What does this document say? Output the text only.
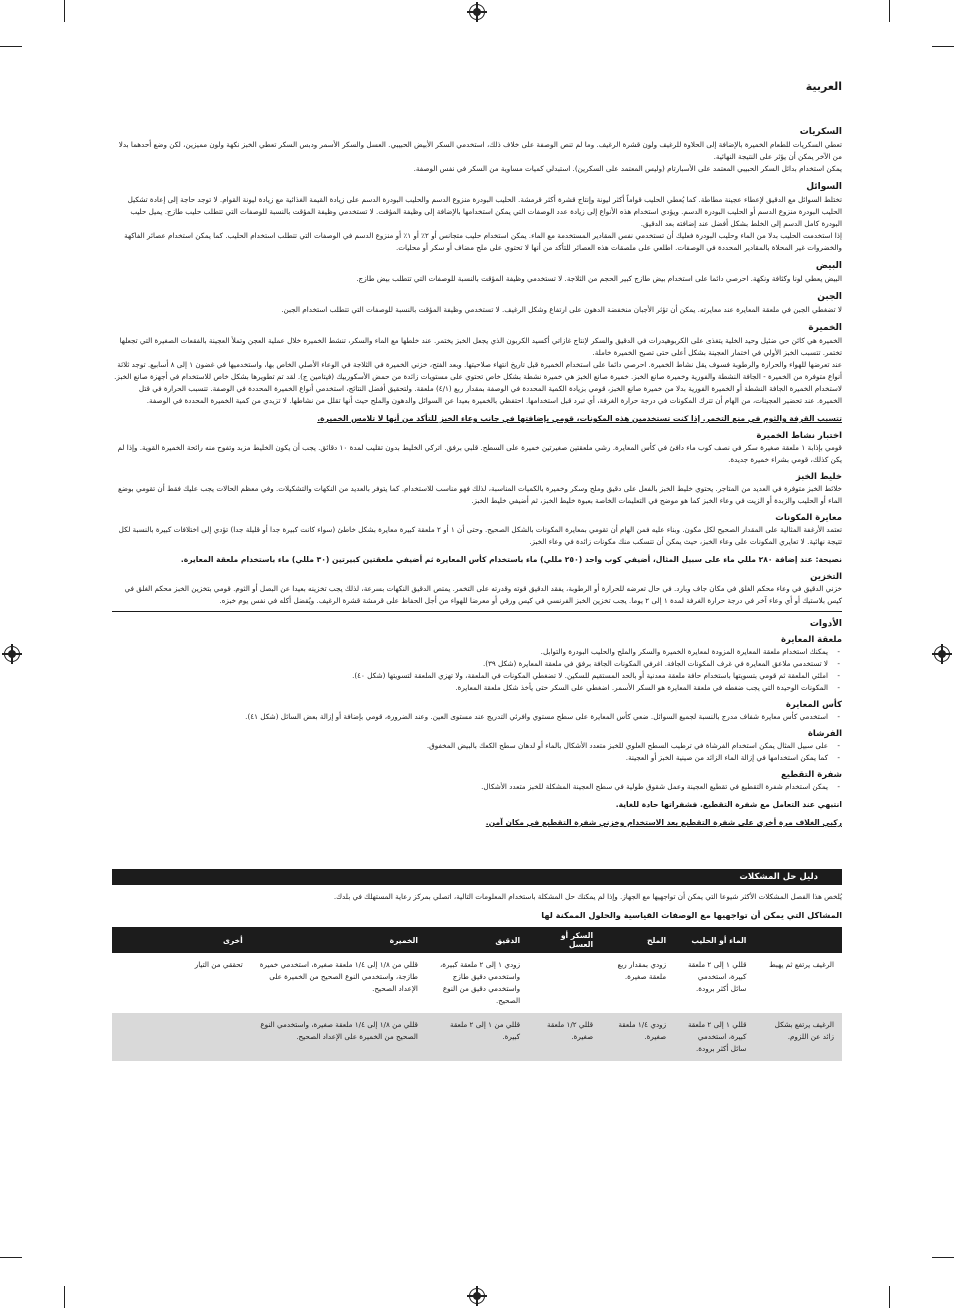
العربية
السكريات

تعطي السكريات للطعام الخميرة بالإضافة إلى الحلاوة للرغيف ولون قشرة الرغيف. وما لم تنص الوصفة على خلاف ذلك، استخدمي السكر الأبيض الحبيبي. العسل والسكر الأسمر ودبس السكر تعطي الخبز نكهة ولون مميزين، لكن وضع أحدهما بدلا من الآخر يمكن أن يؤثر على النتيجة النهائية.

يمكن استخدام بدائل السكر الحبيبي المعتمد على الأسبارتام (وليس المعتمد على السكرين). استبدلي كميات مساوية من السكر في نفس الوصفة.

السوائل

تختلط السوائل مع الدقيق لإعطاء عجينة مطاطة. كما يُعطي الحليب قواماً أكثر ليونة وإنتاج قشرة أكثر قرمشة. الحليب البودرة منزوع الدسم والحليب البودرة الدسم على زيادة القيمة الغذائية مع زيادة ليونة القوام. لا توجد حاجة إلى إعادة تشكيل الحليب البودرة منزوع الدسم أو الحليب البودرة الدسم. ويؤدي استخدام هذه الأنواع إلى زيادة عدد الوصفات التي يمكن استخدامها بالإضافة إلى وظيفة المؤقت. لا تستخدمي وظيفة المؤقت بالنسبة للوصفات التي تتطلب حليب طازج. يميل حليب البودرة كامل الدسم إلى الخلط بشكل أفضل عند إضافته بعد الدقيق.

إذا استخدمت الحليب بدلا من الماء وحليب البودرة فعليك أن تستخدمي نفس المقادير المستخدمة مع الماء. يمكن استخدام حليب متجانس أو ٢٪ أو ١٪ أو منزوع الدسم في الوصفات التي تتطلب استخدام الحليب. كما يمكن استخدام عصائر الفاكهة والخضروات غير المحلاة بالمقادير المحددة في الوصفات. اطلعي على ملصقات هذه العصائر للتأكد من أنها لا تحتوي على ملح مضاف أو سكر أو محليات.

البيض

البيض يعطي لونا وكثافة ونكهة. احرصي دائما على استخدام بيض طازج كبير الحجم من الثلاجة. لا تستخدمي وظيفة المؤقت بالنسبة للوصفات التي تتطلب بيض طازج.

الجبن

لا تضغطي الجبن في ملعقة المعايرة عند معايرته. يمكن أن تؤثر الأجبان منخفضة الدهون على ارتفاع وشكل الرغيف. لا تستخدمي وظيفة المؤقت بالنسبة للوصفات التي تتطلب استخدام الجبن.

الخميرة

الخميرة هي كائن حي ضئيل وحيد الخلية يتغذى على الكربوهيدرات في الدقيق والسكر لإنتاج غازاتي أكسيد الكربون الذي يجعل الخبز يختمر. عند خلطها مع الماء والسكر، تنشط الخميرة خلال عملية العجن وتملأ العجينة بالفقعات الصغيرة التي تجعلها تختمر. تتسبب الخبز الأولي في اختمار العجينة بشكل أعلى حتى تصبح الخميرة خاملة.

عند تعرضها للهواء والحرارة والرطوبة فسوف يقل نشاط الخميرة. احرصي دائما على استخدام الخميرة قبل تاريخ انتهاء صلاحيتها. وبعد الفتح، خزني الخميرة في الثلاجة في الوعاء الأصلي الخاص بها، واستخدميها في غضون ١ إلى ٨ أسابيع. توجد ثلاثة أنواع متوفرة من الخميرة - الجافة النشطة والفورية وخميرة صانع الخبز. خميرة صانع الخبز هي خميرة نشطة بشكل خاص تحتوي على مستويات زائدة من حمض الأسكوربيك (فيتامين ج). لقد تم تطويرها بشكل خاص للاستخدام في أجهزة صانع الخبز. لاستخدام الخميرة الجافة النشطة أو الخميرة الفورية بدلا من خميرة صانع الخبز، قومي بزيادة الكمية المحددة في الوصفة بمقدار ربع (٤/١) ملعقة. ولتحقيق أفضل النتائج، استخدمي أنواع الخميرة المحددة في الوصفة. تتسبب الحرارة في قتل الخميرة. عند تحضير العجينات، من الهام أن تترك المكونات في درجة حرارة الغرفة، أي تبرد قبل استخدامها. احتفظي بالخميرة بعيدا عن السوائل والدهون والملح حيث أنها تقلل من نشاطها. لا تزيدي من كمية الخميرة المحددة في الوصفة.

تتسبب القرفة والثوم في منع التخمر. إذا كنت تستخدمين هذه المكونات، قومي بإضافتها في جانب وعاء الخبز للتأكد من أنها لا تلامس الخميرة.

اختبار نشاط الخميرة

قومي بإذابة ١ ملعقة صغيرة سكر في نصف كوب ماء دافئ في كأس المعايرة. رشي ملعقتين صغيرتين خميرة على السطح. قلبي برفق. اتركي الخليط بدون تقليب لمدة ١٠ دقائق. يجب أن يكون الخليط مزبد وتفوح منه رائحة الخميرة القوية. وإذا لم يكن كذلك، قومي بشراء خميرة جديدة.

خليط الخبز

خلائط الخبز متوفرة في العديد من المتاجر. يحتوي خليط الخبز بالفعل على دقيق وملح وسكر وخميرة بالكميات المناسبة، لذلك فهو مناسب للاستخدام. كما يتوفر بالعديد من النكهات والتشكيلات. وفي معظم الحالات يجب عليك فقط أن تقومي بوضع الماء أو الحليب والزبدة أو الزيت في وعاء الخبز كما هو موضح في التعليمات الخاصة بعبوة خليط الخبز، ثم أضيفي خليط الخبز.

معايرة المكونات

تعتمد الأرغفة المثالية على المقدار الصحيح لكل مكون. وبناء عليه فمن الهام أن تقومي بمعايرة المكونات بالشكل الصحيح. وحتى أن ١ أو ٢ ملعقة كبيرة معايرة بشكل خاطئ (سواء كانت كبيرة جدا أو قليلة جدا) تؤدي إلى اختلافات كبيرة بالنسبة لكل تتيجة نهائية. لا تعايري المكونات على وعاء الخبز، حيث يمكن أن تتسكب منك مكونات زائدة في وعاء الخبز.

نصيحة: عند إضافة ٢٨٠ مللي ماء على سبيل المثال، أضيفي كوب واحد (٢٥٠ مللي) ماء باستخدام كأس المعايرة ثم أضيفي ملعقتين كبيرتين (٣٠ مللي) ماء باستخدام ملعقة المعايرة.

التخزين

خزني الدقيق في وعاء محكم الغلق في مكان جاف وبارد. في حال تعرضه للحرارة أو الرطوبة، يفقد الدقيق قوته وقدرته على التخمر. يمتص الدقيق النكهات بسرعة، لذلك يجب تخزينه بعيدا عن البصل أو الثوم. قومي بتخزين الخبز محكم الغلق في كيس بلاستيك أو أي وعاء آخر في درجة حرارة الغرفة لمدة ١ إلى ٢ يوما. يجب تخزين الخبز الفرنسي في كيس ورقي أو معرضا للهواء من أجل الحفاظ على قرمشة قشرة الرغيف. ويُفضل أكله في نفس يوم خبزه.

الأدوات
ملعقة المعايرة
- يمكنك استخدام ملعقة المعايرة المزودة لمعايرة الخميرة والسكر والملح والحليب البودرة والتوابل.
- لا تستخدمي ملاعق المعايرة في غرف المكونات الجافة. اغرفي المكونات الجافة برفق في ملعقة المعايرة (شكل ٣٩).
- املئي الملعقة ثم قومي بتسويتها باستخدام حافة ملعقة معدنية أو بالحد المستقيم للسكين. لا تضغطي المكونات في الملعقة، ولا تهزي الملعقة لتسويتها (شكل ٤٠).
- المكونات الوحيدة التي يجب ضغطه في ملعقة المعايرة هو السكر الأسمر. اضغطي على السكر حتى يأخذ شكل ملعقة المعايرة.
كأس المعايرة
- استخدمي كأس معايرة شفاف مدرج بالنسبة لجميع السوائل. ضعي كأس المعايرة على سطح مستوي وافرئي التدريج عند مستوى العين. وعند الضرورة، قومي بإضافة أو إزالة بعض السائل (شكل ٤١).
الفرشاة
- على سبيل المثال يمكن استخدام الفرشاة في ترطيب السطح العلوي للخبز متعدد الأشكال بالماء أو لدهان سطح الكعك بالبيض المخفوق.
- كما يمكن استخدامها في إزالة الماء الزائد من صينية الخبز أو العجينة.
شفرة التقطيع
- يمكن استخدام شفرة التقطيع في تقطيع العجينة وعمل شقوق طولية في سطح العجينة المشكلة للخبز متعدد الأشكال.

انتبهي عند التعامل مع شفرة التقطيع. فشفراتها حادة للغاية.

ركبي الغلاف مرة أخرى على شفرة التقطيع بعد الاستخدام وخزني شفرة التقطيع في مكان آمن.

دليل حل المشكلات

يُلخص هذا الفصل المشكلات الأكثر شيوعا التي يمكن أن تواجهيها مع الجهاز. وإذا لم يمكنك حل المشكلة باستخدام المعلومات التالية، اتصلي بمركز رعاية المستهلك في بلدك.

المشاكل التي يمكن أن تواجهيها مع الوصفات القياسية والحلول الممكنة لها

	الماء أو الحليب	الملح	السكر أو العسل	الدقيق	الخميرة	أخرى
الرغيف يرتفع ثم يهبط	قللي ١ إلى ٢ ملعقة كبيرة، استخدمي سائل أكثر برودة.	زودي بمقدار ربع ملعقة صغيرة.		زودي ١ إلى ٢ ملعقة كبيرة، واستخدمي دقيق طازج واستخدمي دقيق من النوع الصحيح.	قللي من ١/٨ إلى ١/٤ ملعقة صغيرة، استخدمي خميرة طازجة، واستخدمي النوع الصحيح من الخميرة على الإعداد الصحيح.	تحققي من التيار
الرغيف يرتفع بشكل زائد عن اللزوم.	قللي ١ إلى ٢ ملعقة كبيرة، استخدمي سائل أكثر برودة.	زودي ١/٤ ملعقة صغيرة.	قللي ١/٢ ملعقة صغيرة.	قللي من ١ إلى ٢ ملعقة كبيرة.	قللي من ١/٨ إلى ١/٤ ملعقة صغيرة، واستخدمي النوع الصحيح من الخميرة على الإعداد الصحيح.	
